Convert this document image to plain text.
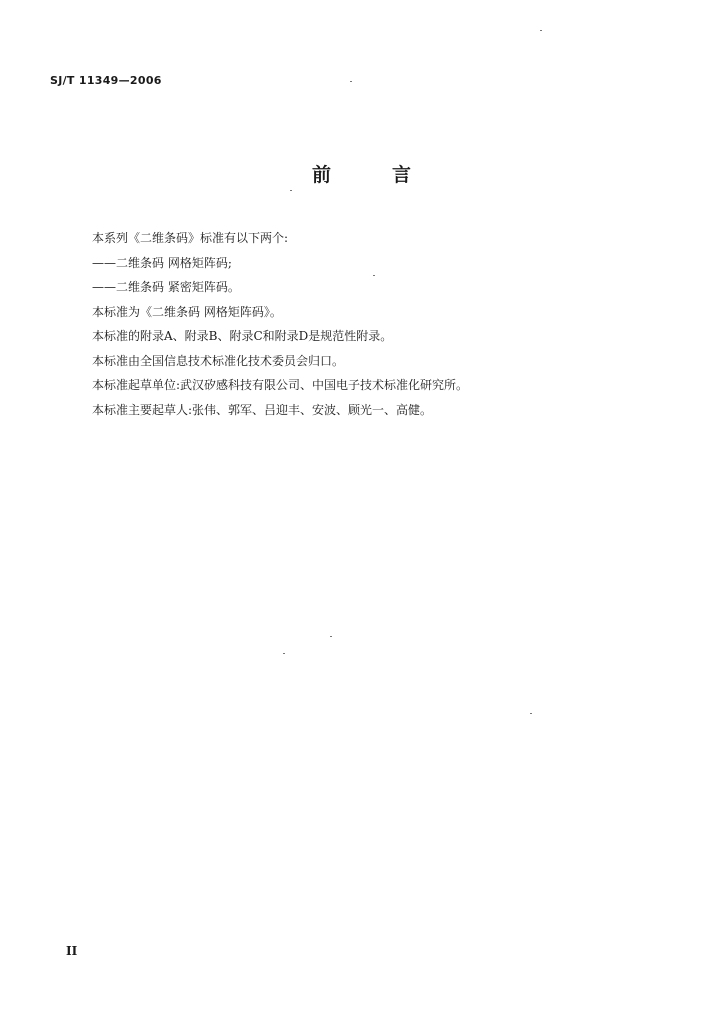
SJ/T 11349—2006
前	言
本系列《二维条码》标准有以下两个:
——二维条码 网格矩阵码;
——二维条码 紧密矩阵码。
本标准为《二维条码 网格矩阵码》。
本标准的附录A、附录B、附录C和附录D是规范性附录。
本标准由全国信息技术标准化技术委员会归口。
本标准起草单位:武汉矽感科技有限公司、中国电子技术标准化研究所。
本标准主要起草人:张伟、郭军、吕迎丰、安波、顾光一、高健。
II
